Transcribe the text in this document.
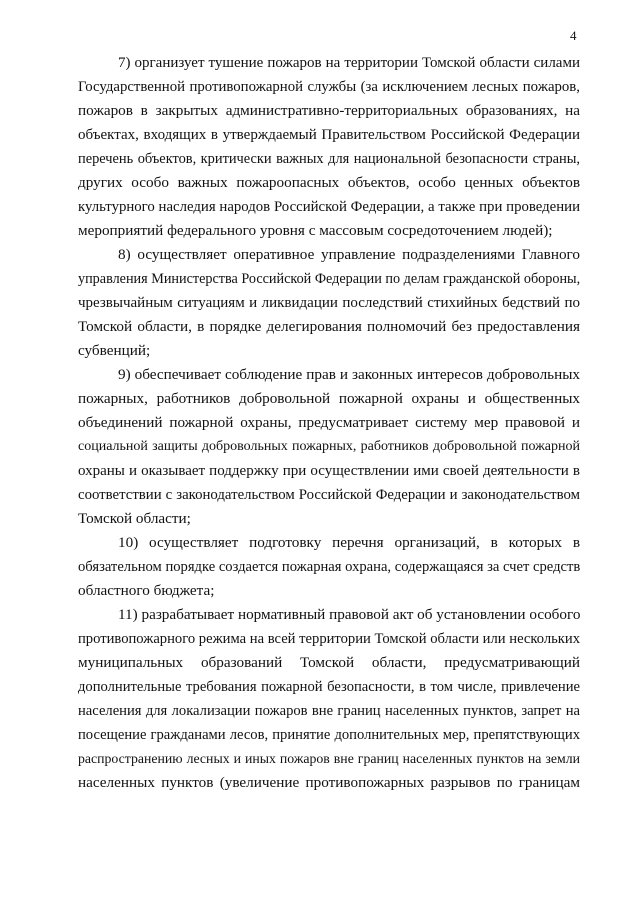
4
7) организует тушение пожаров на территории Томской области силами
Государственной противопожарной службы (за исключением лесных пожаров,
пожаров в закрытых административно-территориальных образованиях, на
объектах, входящих в утверждаемый Правительством Российской Федерации
перечень объектов, критически важных для национальной безопасности страны,
других особо важных пожароопасных объектов, особо ценных объектов
культурного наследия народов Российской Федерации, а также при проведении
мероприятий федерального уровня с массовым сосредоточением людей);
8) осуществляет оперативное управление подразделениями Главного
управления Министерства Российской Федерации по делам гражданской обороны,
чрезвычайным ситуациям и ликвидации последствий стихийных бедствий по
Томской области, в порядке делегирования полномочий без предоставления
субвенций;
9) обеспечивает соблюдение прав и законных интересов добровольных
пожарных, работников добровольной пожарной охраны и общественных
объединений пожарной охраны, предусматривает систему мер правовой и
социальной защиты добровольных пожарных, работников добровольной пожарной
охраны и оказывает поддержку при осуществлении ими своей деятельности в
соответствии с законодательством Российской Федерации и законодательством
Томской области;
10) осуществляет подготовку перечня организаций, в которых в
обязательном порядке создается пожарная охрана, содержащаяся за счет средств
областного бюджета;
11) разрабатывает нормативный правовой акт об установлении особого
противопожарного режима на всей территории Томской области или нескольких
муниципальных образований Томской области, предусматривающий
дополнительные требования пожарной безопасности, в том числе, привлечение
населения для локализации пожаров вне границ населенных пунктов, запрет на
посещение гражданами лесов, принятие дополнительных мер, препятствующих
распространению лесных и иных пожаров вне границ населенных пунктов на земли
населенных пунктов (увеличение противопожарных разрывов по границам
